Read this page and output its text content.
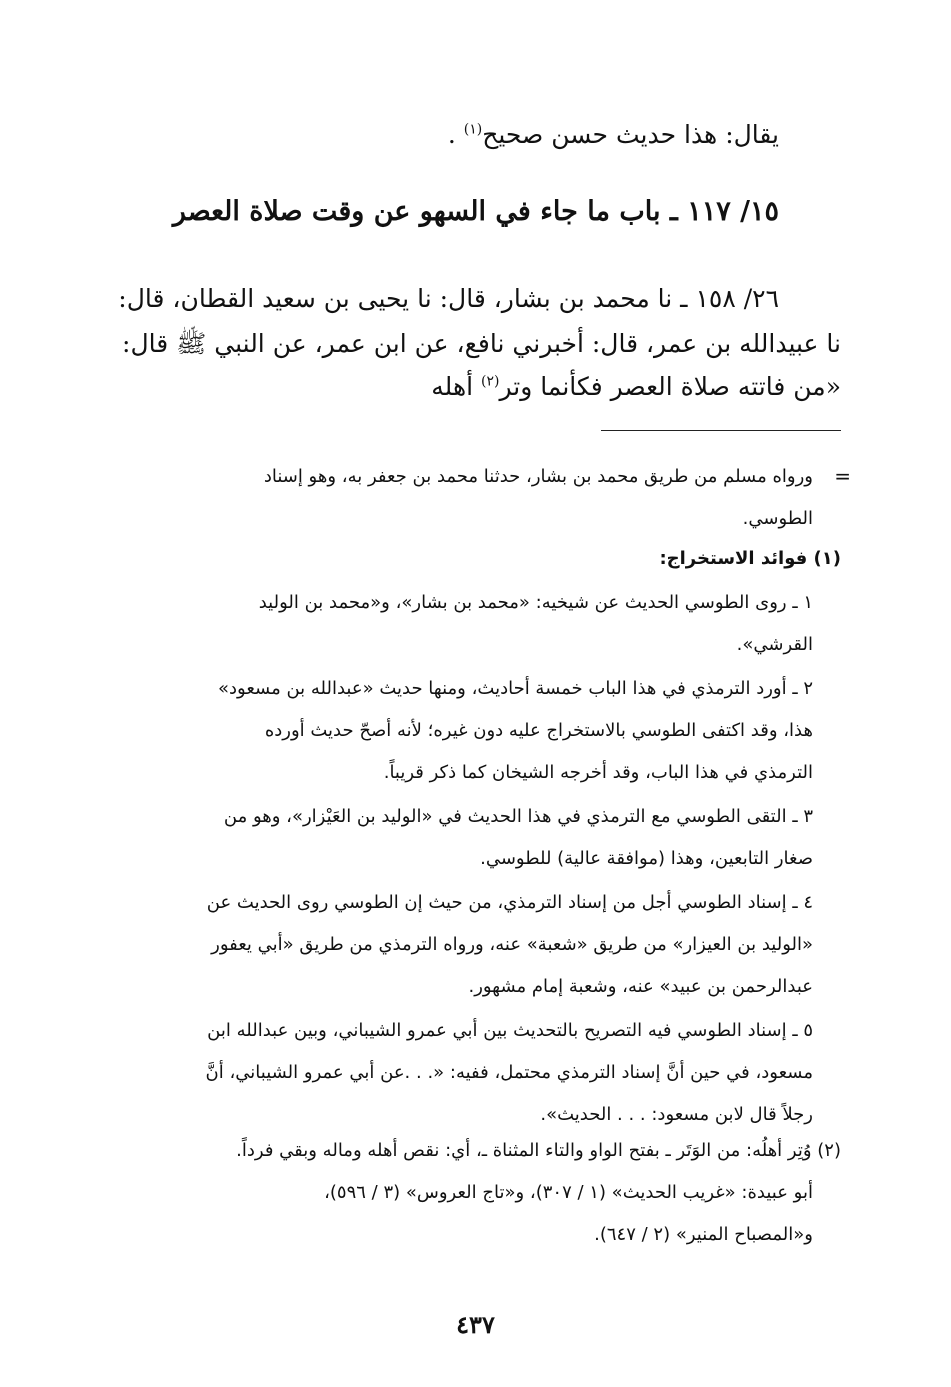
يقال: هذا حديث حسن صحيح$^{(١)}$ .
١٥/ ١١٧ ـ باب ما جاء في السهو عن وقت صلاة العصر
٢٦/ ١٥٨ ـ نا محمد بن بشار، قال: نا يحيى بن سعيد القطان، قال:
نا عبيدالله بن عمر، قال: أخبرني نافع، عن ابن عمر، عن النبي ﷺ قال:
«من فاتته صلاة العصر فكأنما وتر$^{(٢)}$ أهله
=
ورواه مسلم من طريق محمد بن بشار، حدثنا محمد بن جعفر به، وهو إسناد
الطوسي.
(١) فوائد الاستخراج:
١ ـ روى الطوسي الحديث عن شيخيه: «محمد بن بشار»، و«محمد بن الوليد
القرشي».
٢ ـ أورد الترمذي في هذا الباب خمسة أحاديث، ومنها حديث «عبدالله بن مسعود»
هذا، وقد اكتفى الطوسي بالاستخراج عليه دون غيره؛ لأنه أصحّ حديث أورده
الترمذي في هذا الباب، وقد أخرجه الشيخان كما ذكر قريباً.
٣ ـ التقى الطوسي مع الترمذي في هذا الحديث في «الوليد بن العَيْزار»، وهو من
صغار التابعين، وهذا (موافقة عالية) للطوسي.
٤ ـ إسناد الطوسي أجل من إسناد الترمذي، من حيث إن الطوسي روى الحديث عن
«الوليد بن العيزار» من طريق «شعبة» عنه، ورواه الترمذي من طريق «أبي يعفور
عبدالرحمن بن عبيد» عنه، وشعبة إمام مشهور.
٥ ـ إسناد الطوسي فيه التصريح بالتحديث بين أبي عمرو الشيباني، وبين عبدالله ابن
مسعود، في حين أنَّ إسناد الترمذي محتمل، ففيه: «. . .عن أبي عمرو الشيباني، أنَّ
رجلاً قال لابن مسعود: . . . الحديث».
(٢) وُتِر أهلُه: من الوَتَر ـ بفتح الواو والتاء المثناة ـ، أي: نقص أهله وماله وبقي فرداً.
أبو عبيدة: «غريب الحديث» (١ / ٣٠٧)، و«تاج العروس» (٣ / ٥٩٦)،
و«المصباح المنير» (٢ / ٦٤٧).
٤٣٧
